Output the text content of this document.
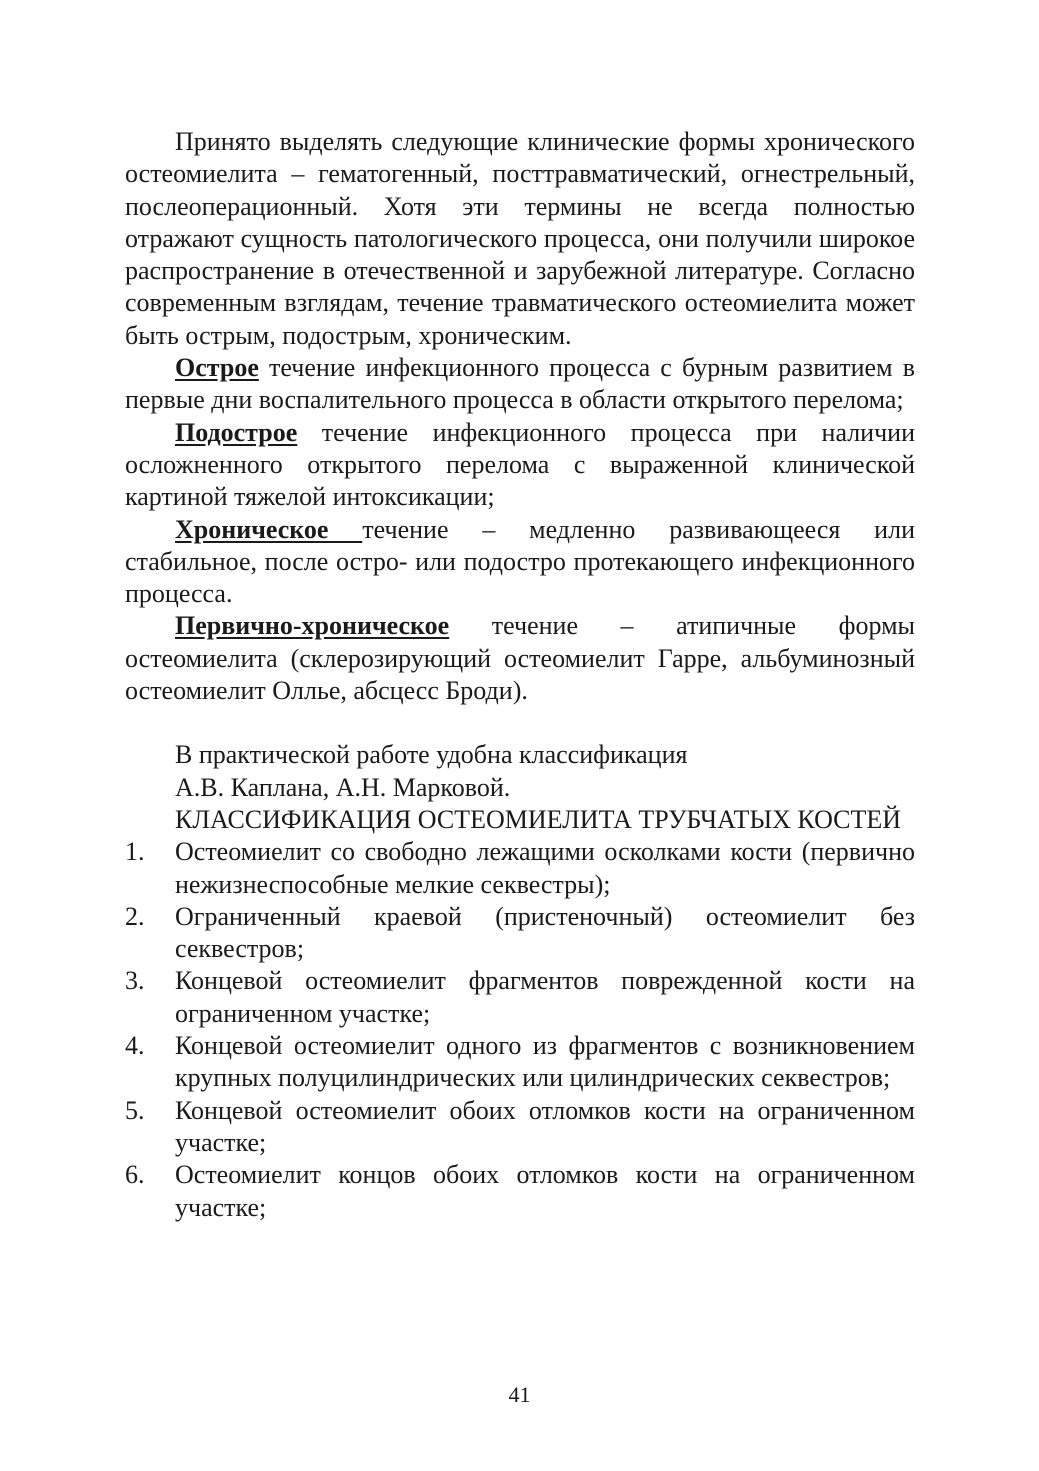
Принято выделять следующие клинические формы хронического остеомиелита – гематогенный, посттравматический, огнестрельный, послеоперационный. Хотя эти термины не всегда полностью отражают сущность патологического процесса, они получили широкое распространение в отечественной и зарубежной литературе. Согласно современным взглядам, течение травматического остеомиелита может быть острым, подострым, хроническим.

Острое течение инфекционного процесса с бурным развитием в первые дни воспалительного процесса в области открытого перелома;

Подострое течение инфекционного процесса при наличии осложненного открытого перелома с выраженной клинической картиной тяжелой интоксикации;

Хроническое течение – медленно развивающееся или стабильное, после остро- или подостро протекающего инфекционного процесса.

Первично-хроническое течение – атипичные формы остеомиелита (склерозирующий остеомиелит Гарре, альбуминозный остеомиелит Оллье, абсцесс Броди).

В практической работе удобна классификация

А.В. Каплана, А.Н. Марковой.

КЛАССИФИКАЦИЯ ОСТЕОМИЕЛИТА ТРУБЧАТЫХ КОСТЕЙ

1.	Остеомиелит со свободно лежащими осколками кости (первично нежизнеспособные мелкие секвестры);
2.	Ограниченный краевой (пристеночный) остеомиелит без секвестров;
3.	Концевой остеомиелит фрагментов поврежденной кости на ограниченном участке;
4.	Концевой остеомиелит одного из фрагментов с возникновением крупных полуцилиндрических или цилиндрических секвестров;
5.	Концевой остеомиелит обоих отломков кости на ограниченном участке;
6.	Остеомиелит концов обоих отломков кости на ограниченном участке;
41
